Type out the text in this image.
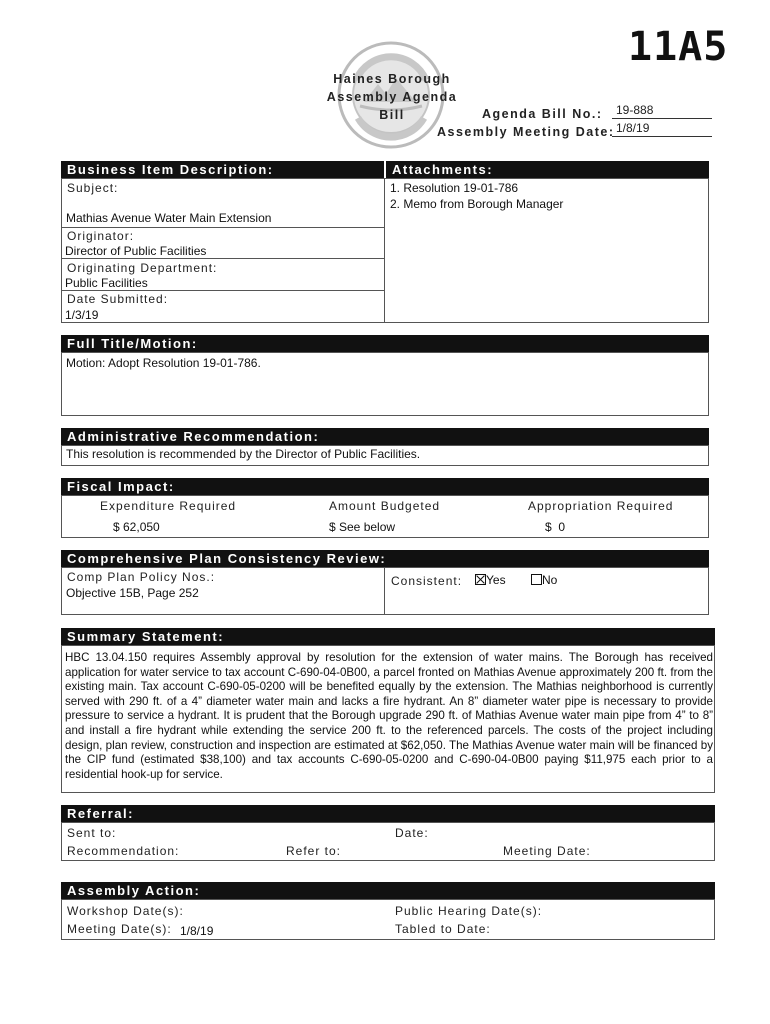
11A5
Haines Borough
Assembly Agenda Bill	Agenda Bill No.:	19-888
Assembly Meeting Date: 1/8/19
Business Item Description:	Attachments:
Subject:
Mathias Avenue Water Main Extension
Originator:
Director of Public Facilities
Originating Department:
Public Facilities
Date Submitted:
1/3/19
1. Resolution 19-01-786
2. Memo from Borough Manager
Full Title/Motion:
Motion: Adopt Resolution 19-01-786.
Administrative Recommendation:
This resolution is recommended by the Director of Public Facilities.
Fiscal Impact:
Expenditure Required	Amount Budgeted	Appropriation Required
$ 62,050	$ See below	$  0
Comprehensive Plan Consistency Review:
Comp Plan Policy Nos.:
Objective 15B, Page 252
Consistent:	Yes	No
Summary Statement:
HBC 13.04.150 requires Assembly approval by resolution for the extension of water mains. The Borough has received application for water service to tax account C-690-04-0B00, a parcel fronted on Mathias Avenue approximately 200 ft. from the existing main. Tax account C-690-05-0200 will be benefited equally by the extension. The Mathias neighborhood is currently served with 290 ft. of a 4” diameter water main and lacks a fire hydrant. An 8” diameter water pipe is necessary to provide pressure to service a hydrant. It is prudent that the Borough upgrade 290 ft. of Mathias Avenue water main pipe from 4” to 8” and install a fire hydrant while extending the service 200 ft. to the referenced parcels. The costs of the project including design, plan review, construction and inspection are estimated at $62,050. The Mathias Avenue water main will be financed by the CIP fund (estimated $38,100) and tax accounts C-690-05-0200 and C-690-04-0B00 paying $11,975 each prior to a residential hook-up for service.
Referral:
Sent to:	Date:
Recommendation:	Refer to:	Meeting Date:
Assembly Action:
Workshop Date(s):	Public Hearing Date(s):
Meeting Date(s): 1/8/19	Tabled to Date:
